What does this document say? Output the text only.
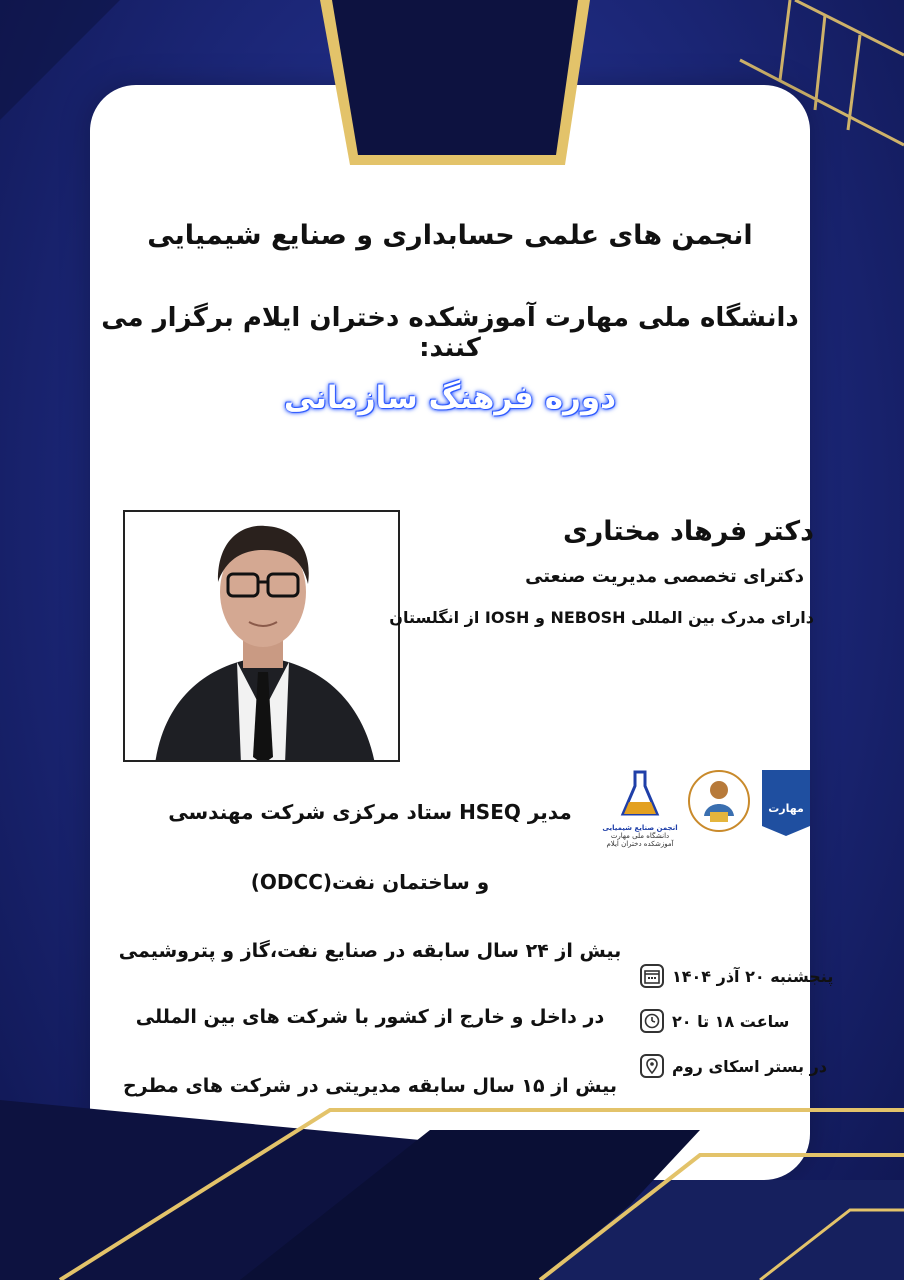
انجمن های علمی حسابداری و صنایع شیمیایی
دانشگاه ملی مهارت آموزشکده دختران ایلام برگزار می کنند:
دوره فرهنگ سازمانی
دکتر فرهاد مختاری
دکترای تخصصی مدیریت صنعتی
دارای مدرک بین المللی NEBOSH و IOSH از انگلستان
انجمن صنایع شیمیایی
دانشگاه ملی مهارت
آموزشکده دختران ایلام
مهارت
مدیر HSEQ ستاد مرکزی شرکت مهندسی
و ساختمان نفت(ODCC)
بیش از ۲۴ سال سابقه در صنایع نفت،گاز و پتروشیمی
در داخل و خارج از کشور با شرکت های بین المللی
بیش از ۱۵ سال سابقه مدیریتی در شرکت های مطرح
پنجشنبه ۲۰ آذر ۱۴۰۴
ساعت ۱۸ تا ۲۰
در بستر اسکای روم
